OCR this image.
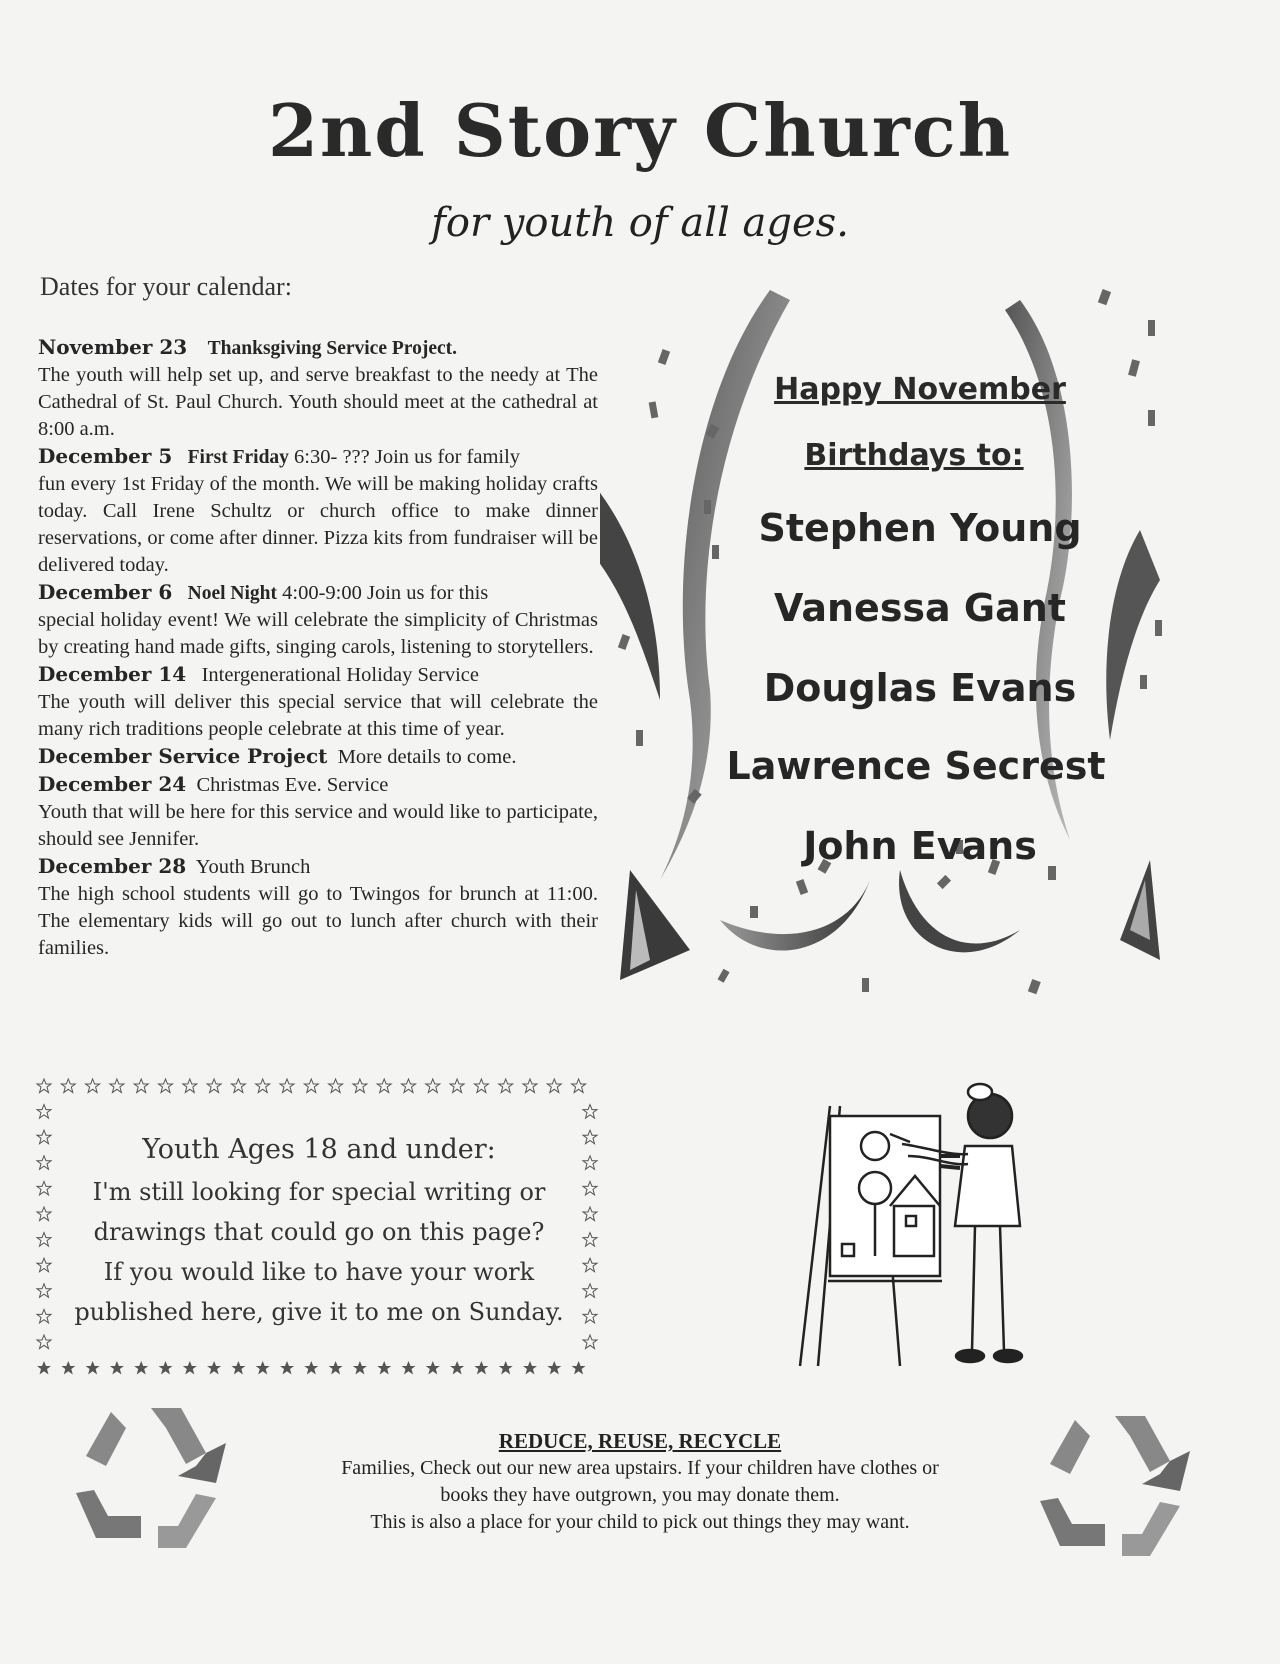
2nd Story Church
for youth of all ages.
Dates for your calendar:
November 23 Thanksgiving Service Project.
The youth will help set up, and serve breakfast to the needy at The Cathedral of St. Paul Church. Youth should meet at the cathedral at 8:00 a.m.
December 5 First Friday 6:30- ??? Join us for family
fun every 1st Friday of the month. We will be making holiday crafts today. Call Irene Schultz or church office to make dinner reservations, or come after dinner. Pizza kits from fundraiser will be delivered today.
December 6 Noel Night 4:00-9:00 Join us for this
special holiday event! We will celebrate the simplicity of Christmas by creating hand made gifts, singing carols, listening to storytellers.
December 14 Intergenerational Holiday Service
The youth will deliver this special service that will celebrate the many rich traditions people celebrate at this time of year.
December Service Project More details to come.
December 24 Christmas Eve. Service
Youth that will be here for this service and would like to participate, should see Jennifer.
December 28 Youth Brunch
The high school students will go to Twingos for brunch at 11:00. The elementary kids will go out to lunch after church with their families.
Happy November
Birthdays to:
Stephen Young
Vanessa Gant
Douglas Evans
Lawrence Secrest
John Evans
Youth Ages 18 and under:
I'm still looking for special writing or
drawings that could go on this page?
If you would like to have your work
published here, give it to me on Sunday.
REDUCE, REUSE, RECYCLE
Families, Check out our new area upstairs. If your children have clothes or
books they have outgrown, you may donate them.
This is also a place for your child to pick out things they may want.
